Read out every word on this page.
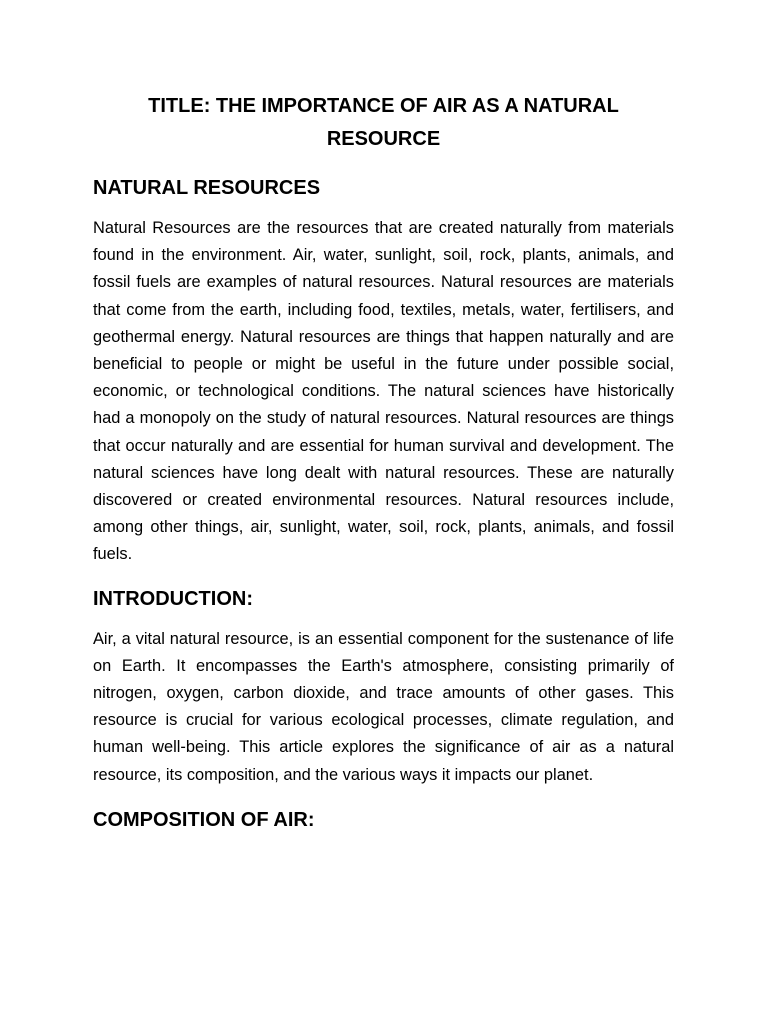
TITLE: THE IMPORTANCE OF AIR AS A NATURAL RESOURCE
NATURAL RESOURCES

Natural Resources are the resources that are created naturally from materials found in the environment. Air, water, sunlight, soil, rock, plants, animals, and fossil fuels are examples of natural resources. Natural resources are materials that come from the earth, including food, textiles, metals, water, fertilisers, and geothermal energy. Natural resources are things that happen naturally and are beneficial to people or might be useful in the future under possible social, economic, or technological conditions. The natural sciences have historically had a monopoly on the study of natural resources. Natural resources are things that occur naturally and are essential for human survival and development. The natural sciences have long dealt with natural resources. These are naturally discovered or created environmental resources. Natural resources include, among other things, air, sunlight, water, soil, rock, plants, animals, and fossil fuels.

INTRODUCTION:

Air, a vital natural resource, is an essential component for the sustenance of life on Earth. It encompasses the Earth's atmosphere, consisting primarily of nitrogen, oxygen, carbon dioxide, and trace amounts of other gases. This resource is crucial for various ecological processes, climate regulation, and human well-being. This article explores the significance of air as a natural resource, its composition, and the various ways it impacts our planet.

COMPOSITION OF AIR:
